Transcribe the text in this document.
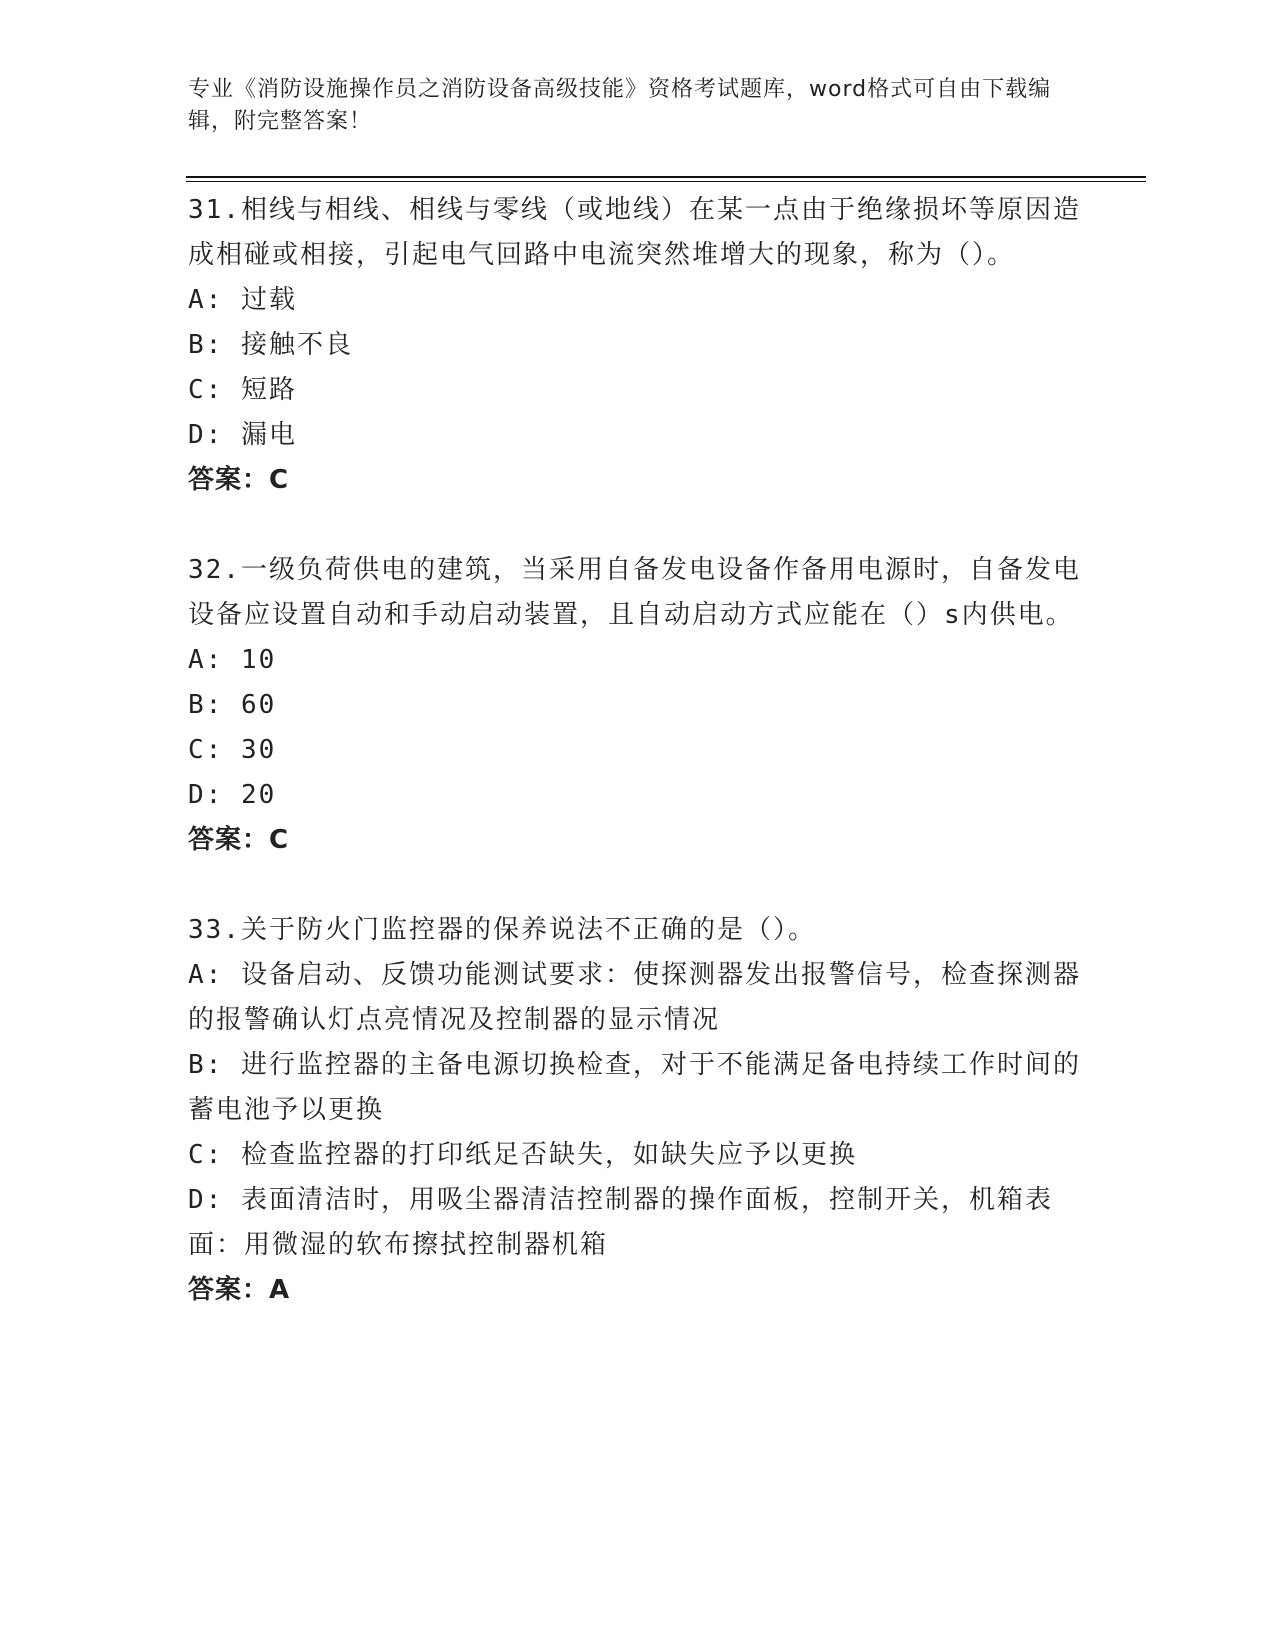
专业《消防设施操作员之消防设备高级技能》资格考试题库，word格式可自由下载编辑，附完整答案！

31.相线与相线、相线与零线（或地线）在某一点由于绝缘损坏等原因造成相碰或相接，引起电气回路中电流突然堆增大的现象，称为（）。

A: 过载

B: 接触不良

C: 短路

D: 漏电

答案：C

32.一级负荷供电的建筑，当采用自备发电设备作备用电源时，自备发电设备应设置自动和手动启动装置，且自动启动方式应能在（）s内供电。

A: 10

B: 60

C: 30

D: 20

答案：C

33.关于防火门监控器的保养说法不正确的是（）。

A: 设备启动、反馈功能测试要求：使探测器发出报警信号，检查探测器的报警确认灯点亮情况及控制器的显示情况

B: 进行监控器的主备电源切换检查，对于不能满足备电持续工作时间的蓄电池予以更换

C: 检查监控器的打印纸足否缺失，如缺失应予以更换

D: 表面清洁时，用吸尘器清洁控制器的操作面板，控制开关，机箱表面：用微湿的软布擦拭控制器机箱

答案：A
